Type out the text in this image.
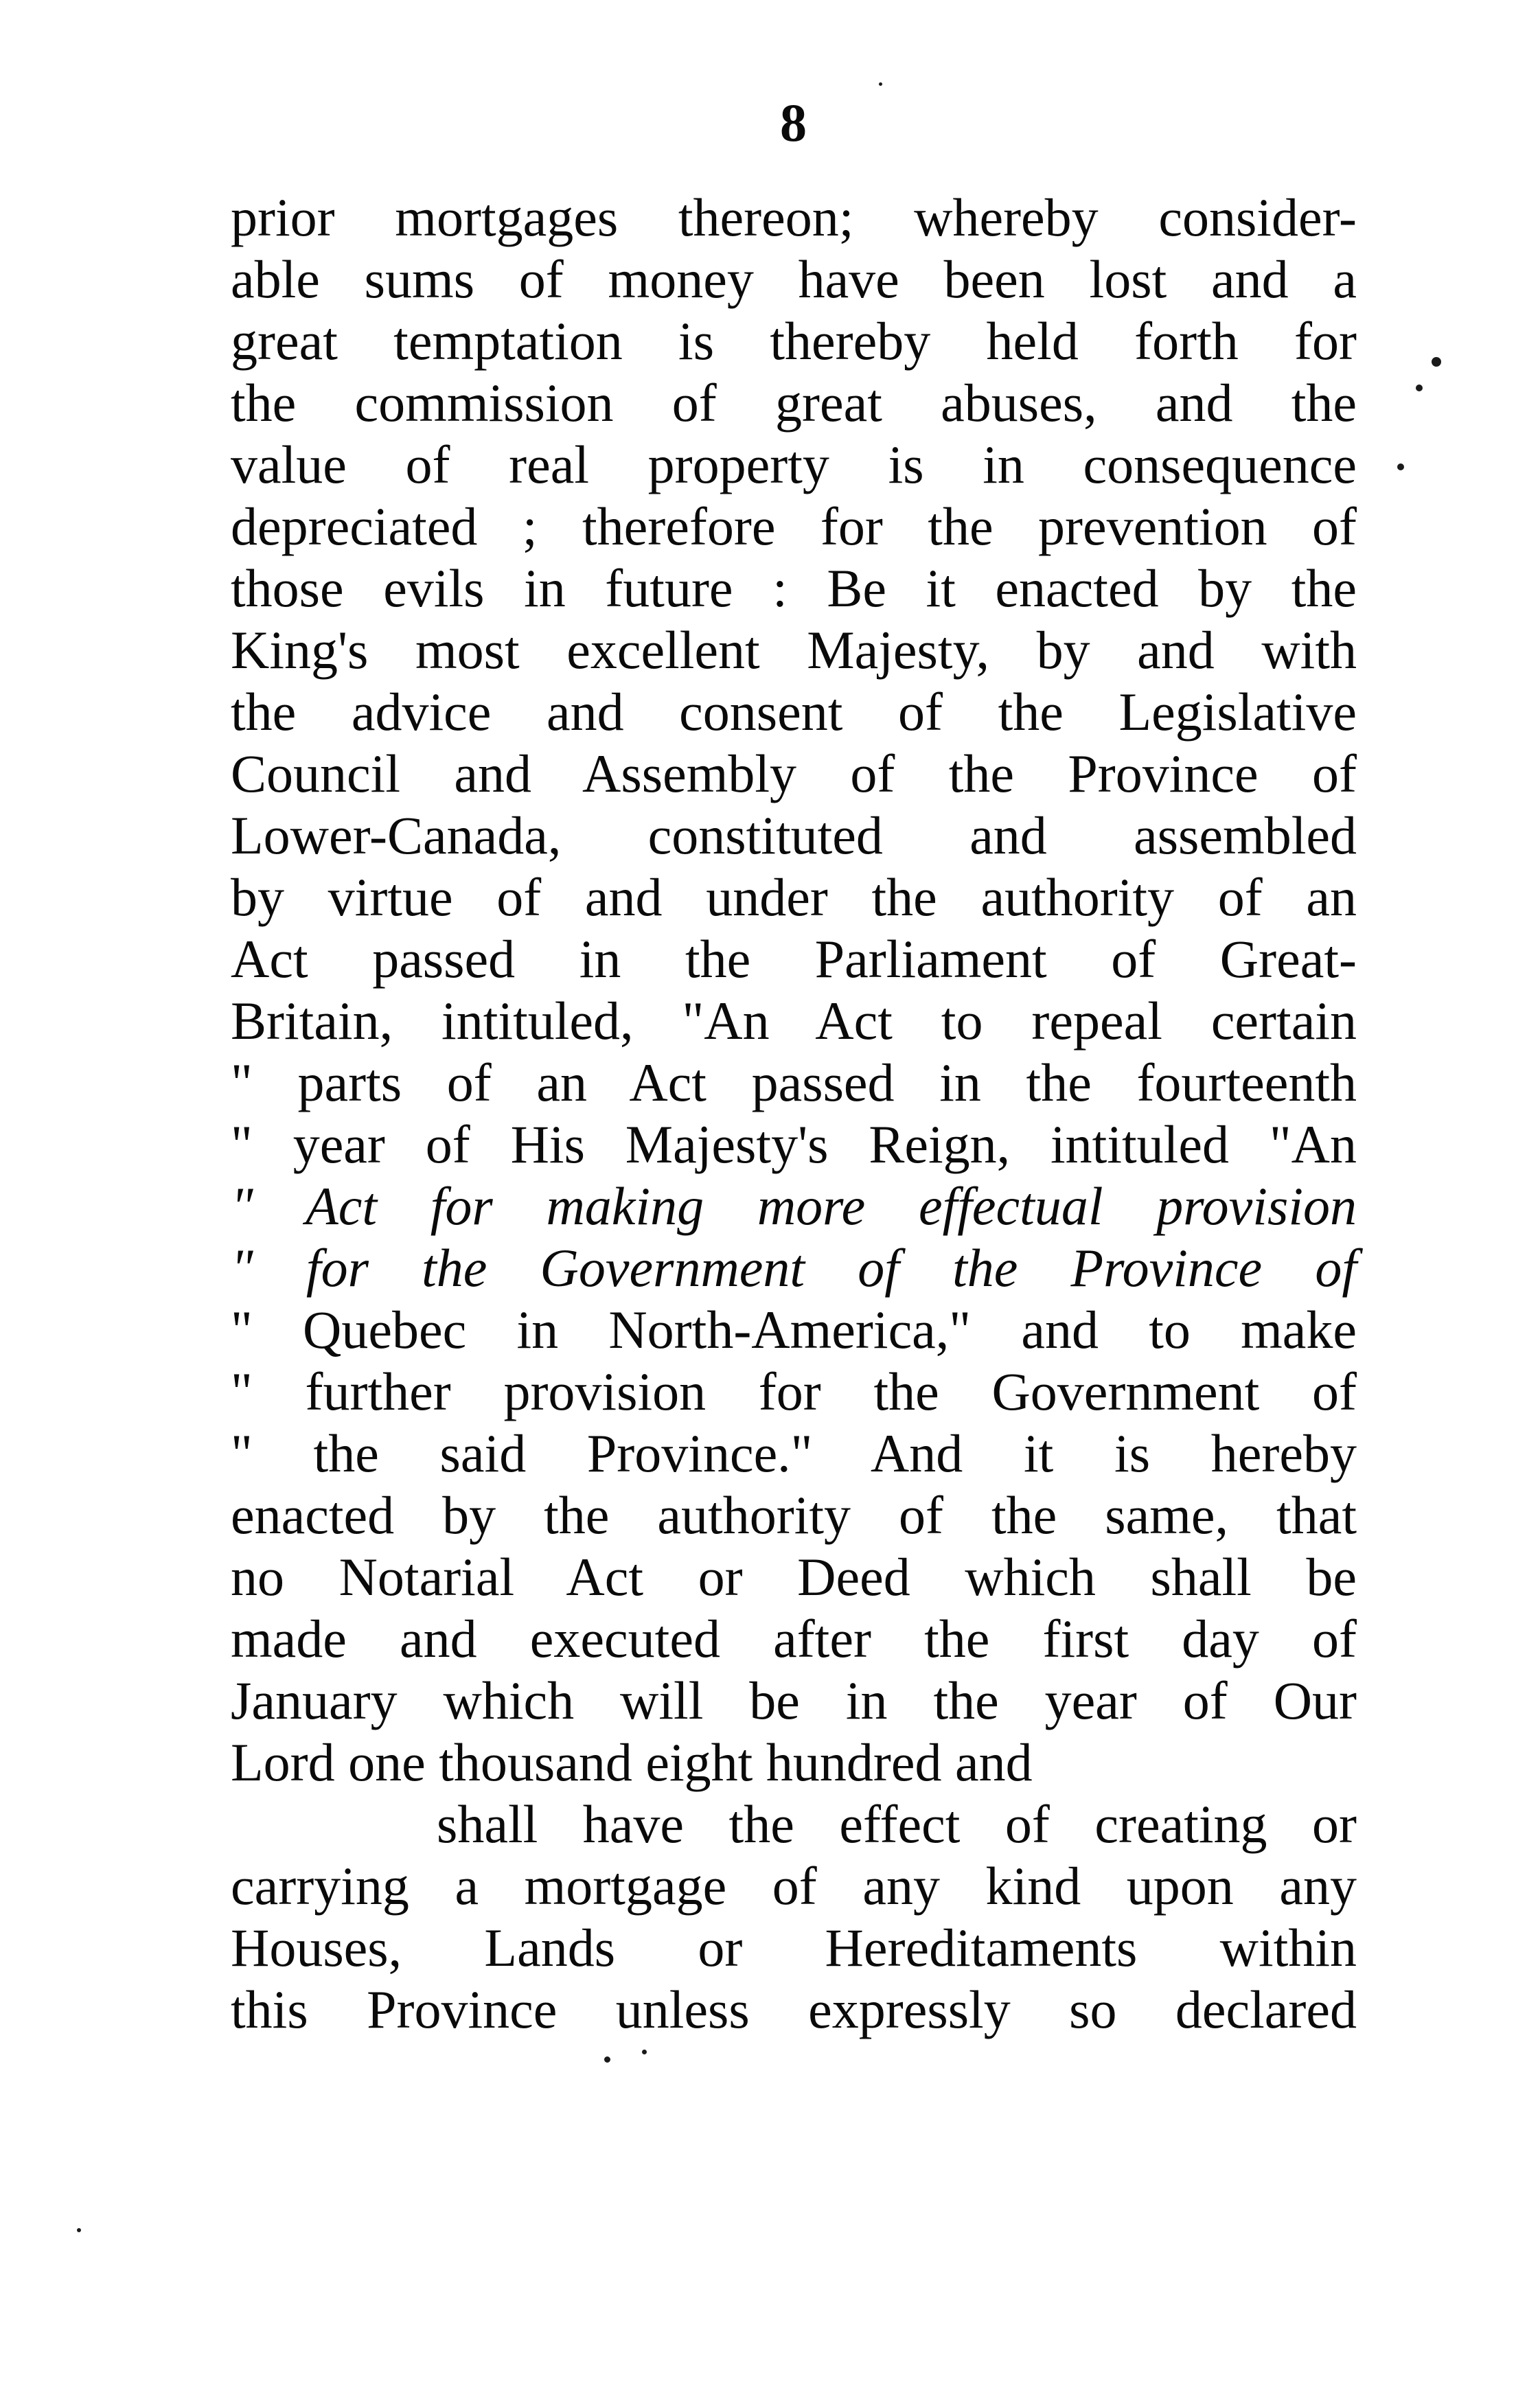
8
prior mortgages thereon; whereby consider-
able sums of money have been lost and a
great temptation is thereby held forth for
the commission of great abuses, and the
value of real property is in consequence
depreciated ; therefore for the prevention of
those evils in future : Be it enacted by the
King's most excellent Majesty, by and with
the advice and consent of the Legislative
Council and Assembly of the Province of
Lower-Canada, constituted and assembled
by virtue of and under the authority of an
Act passed in the Parliament of Great-
Britain, intituled, "An Act to repeal certain
" parts of an Act passed in the fourteenth
" year of His Majesty's Reign, intituled "An
" Act for making more effectual provision
" for the Government of the Province of
" Quebec in North-America," and to make
" further provision for the Government of
" the said Province." And it is hereby
enacted by the authority of the same, that
no Notarial Act or Deed which shall be
made and executed after the first day of
January which will be in the year of Our
Lord one thousand eight hundred and
shall have the effect of creating or
carrying a mortgage of any kind upon any
Houses, Lands or Hereditaments within
this Province unless expressly so declared
